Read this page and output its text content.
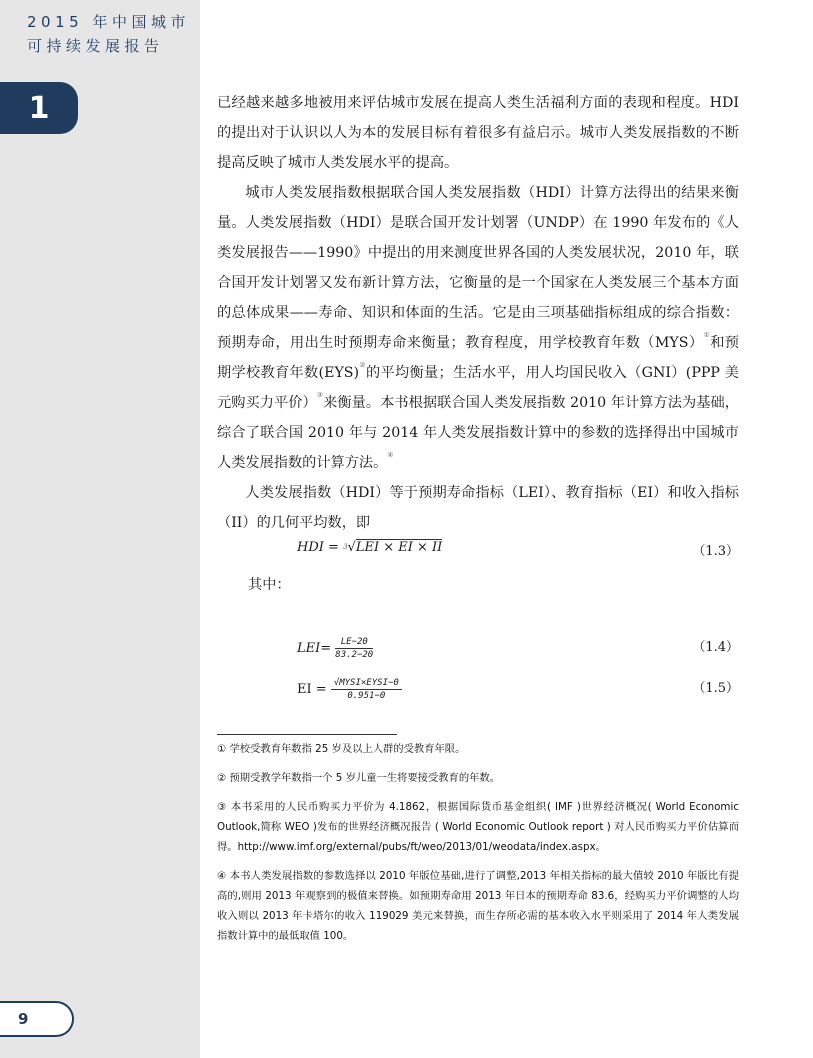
2015 年中国城市
可持续发展报告
1	已经越来越多地被用来评估城市发展在提高人类生活福利方面的表现和程度。HDI 的提出对于认识以人为本的发展目标有着很多有益启示。城市人类发展指数的不断提高反映了城市人类发展水平的提高。

城市人类发展指数根据联合国人类发展指数（HDI）计算方法得出的结果来衡量。人类发展指数（HDI）是联合国开发计划署（UNDP）在 1990 年发布的《人类发展报告——1990》中提出的用来测度世界各国的人类发展状况，2010 年，联合国开发计划署又发布新计算方法，它衡量的是一个国家在人类发展三个基本方面的总体成果——寿命、知识和体面的生活。它是由三项基础指标组成的综合指数：预期寿命，用出生时预期寿命来衡量；教育程度，用学校教育年数（MYS）①和预期学校教育年数(EYS)②的平均衡量；生活水平，用人均国民收入（GNI）(PPP 美元购买力平价）③来衡量。本书根据联合国人类发展指数 2010 年计算方法为基础，综合了联合国 2010 年与 2014 年人类发展指数计算中的参数的选择得出中国城市人类发展指数的计算方法。④

人类发展指数（HDI）等于预期寿命指标（LEI）、教育指标（EI）和收入指标（II）的几何平均数，即

HDI = $^3$√LEI × EI × II	（1.3）
其中：
$LEI= \frac{LE-20}{83.2-20}$	（1.4）
EI = $\frac{\text{√MYSI×EYSI−0}}{0.951-0}$	（1.5）

① 学校受教育年数指 25 岁及以上人群的受教育年限。

② 预期受教学年数指一个 5 岁儿童一生将要接受教育的年数。

③ 本书采用的人民币购买力平价为 4.1862，根据国际货币基金组织( IMF )世界经济概况( World Economic Outlook,简称 WEO )发布的世界经济概况报告 ( World Economic Outlook report ) 对人民币购买力平价估算而得。http://www.imf.org/external/pubs/ft/weo/2013/01/weodata/index.aspx。

④ 本书人类发展指数的参数选择以 2010 年版位基础,进行了调整,2013 年相关指标的最大值较 2010 年版比有提高的,则用 2013 年观察到的极值来替换。如预期寿命用 2013 年日本的预期寿命 83.6，经购买力平价调整的人均收入则以 2013 年卡塔尔的收入 119029 美元来替换，而生存所必需的基本收入水平则采用了 2014 年人类发展指数计算中的最低取值 100。

9
